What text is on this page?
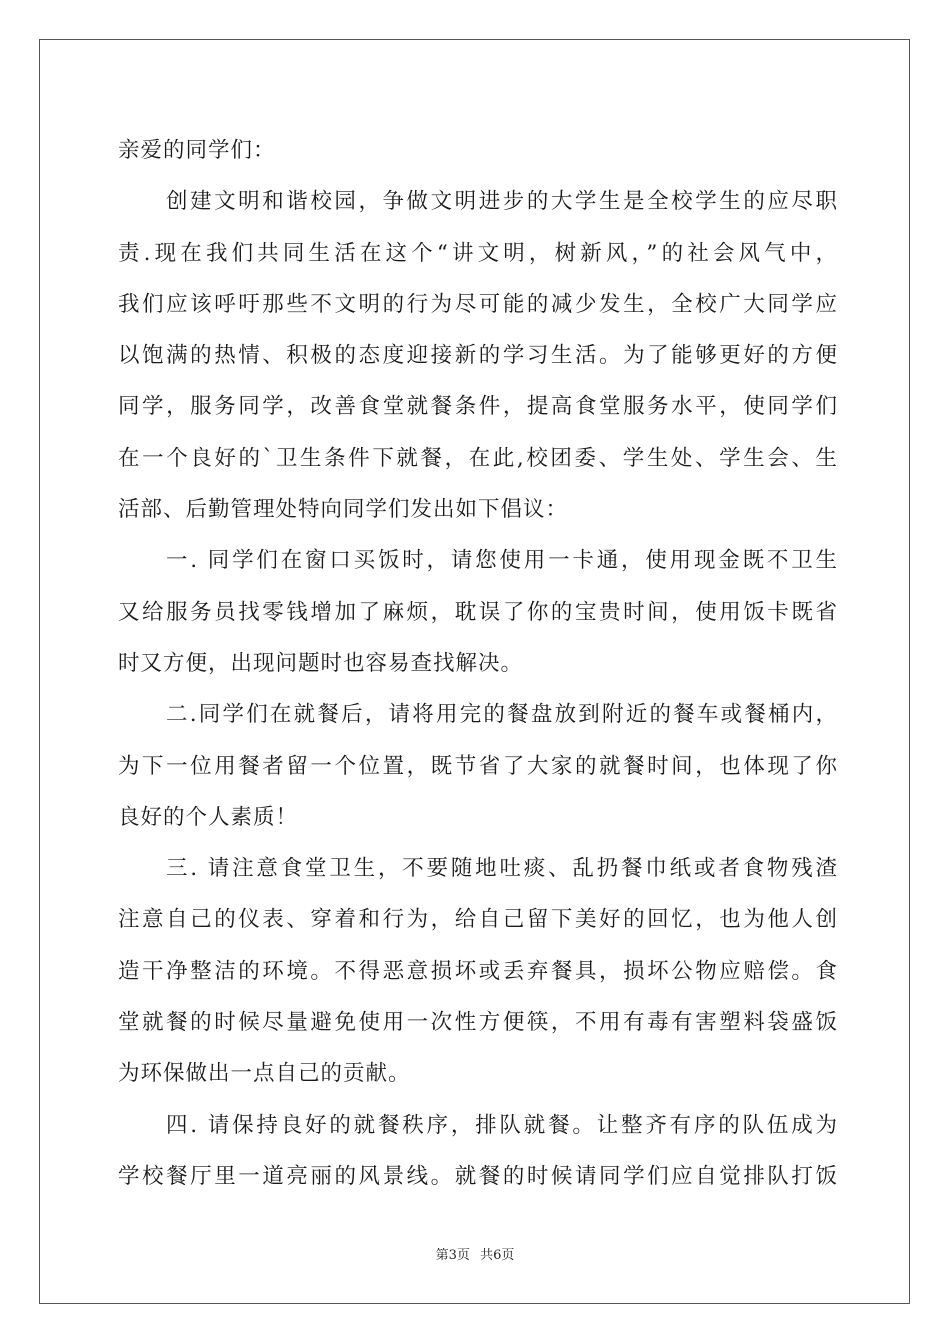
亲爱的同学们：
创建文明和谐校园，争做文明进步的大学生是全校学生的应尽职
责.现在我们共同生活在这个“讲文明，树新风，”的社会风气中，
我们应该呼吁那些不文明的行为尽可能的减少发生，全校广大同学应
以饱满的热情、积极的态度迎接新的学习生活。为了能够更好的方便
同学，服务同学，改善食堂就餐条件，提高食堂服务水平，使同学们
在一个良好的`卫生条件下就餐，在此,校团委、学生处、学生会、生
活部、后勤管理处特向同学们发出如下倡议：
一. 同学们在窗口买饭时，请您使用一卡通，使用现金既不卫生
又给服务员找零钱增加了麻烦，耽误了你的宝贵时间，使用饭卡既省
时又方便，出现问题时也容易查找解决。
二.同学们在就餐后，请将用完的餐盘放到附近的餐车或餐桶内，
为下一位用餐者留一个位置，既节省了大家的就餐时间，也体现了你
良好的个人素质！
三. 请注意食堂卫生，不要随地吐痰、乱扔餐巾纸或者食物残渣
注意自己的仪表、穿着和行为，给自己留下美好的回忆，也为他人创
造干净整洁的环境。不得恶意损坏或丢弃餐具，损坏公物应赔偿。食
堂就餐的时候尽量避免使用一次性方便筷，不用有毒有害塑料袋盛饭
为环保做出一点自己的贡献。
四. 请保持良好的就餐秩序，排队就餐。让整齐有序的队伍成为
学校餐厅里一道亮丽的风景线。就餐的时候请同学们应自觉排队打饭
第3页 共6页
